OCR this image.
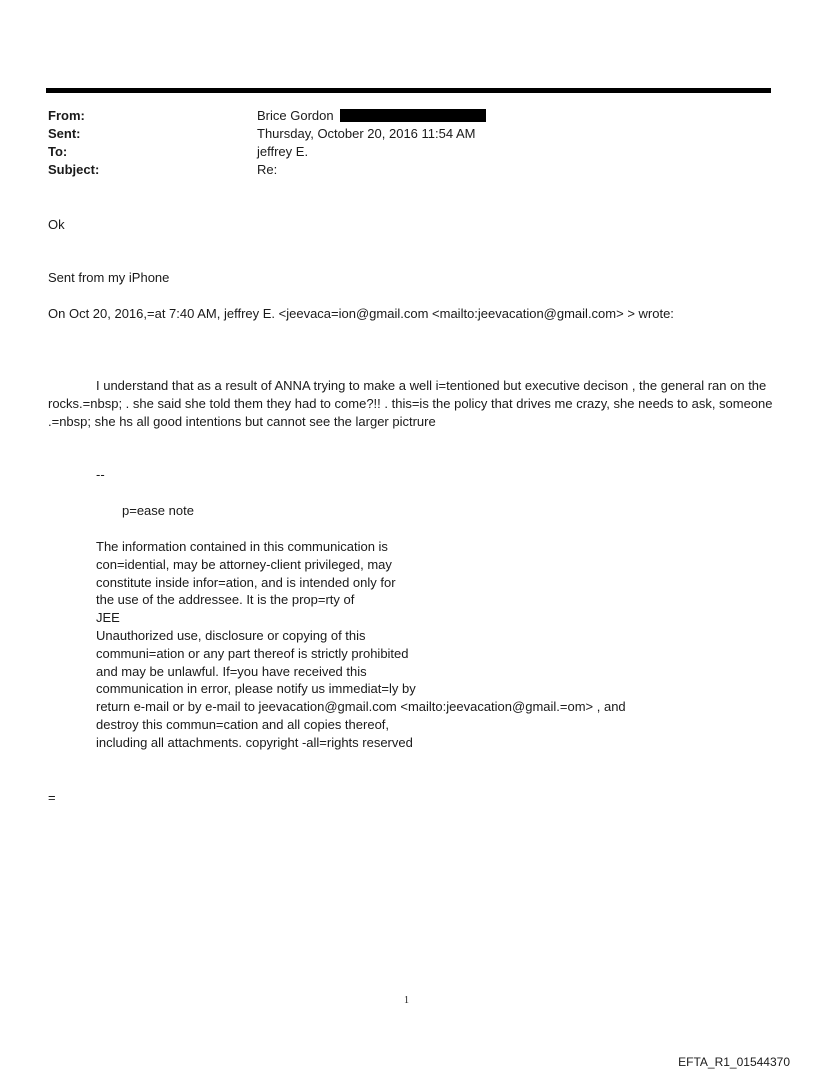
From:	Brice Gordon
Sent:	Thursday, October 20, 2016 11:54 AM
To:	jeffrey E.
Subject:	Re:
Ok
Sent from my iPhone
On Oct 20, 2016,=at 7:40 AM, jeffrey E. <jeevaca=ion@gmail.com <mailto:jeevacation@gmail.com> > wrote:
I understand that as a result of ANNA trying to make a well i=tentioned but executive decison , the general ran on the rocks.=nbsp; . she said she told them they had to come?!! . this=is the policy that drives me crazy, she needs to ask, someone .=nbsp; she hs all good intentions but cannot see the larger pictrure
--
p=ease note
The information contained in this communication is
con=idential, may be attorney-client privileged, may
constitute inside infor=ation, and is intended only for
the use of the addressee. It is the prop=rty of
JEE
Unauthorized use, disclosure or copying of this
communi=ation or any part thereof is strictly prohibited
and may be unlawful. If=you have received this
communication in error, please notify us immediat=ly by
return e-mail or by e-mail to jeevacation@gmail.com <mailto:jeevacation@gmail.=om> , and
destroy this commun=cation and all copies thereof,
including all attachments. copyright -all=rights reserved
=
1
EFTA_R1_01544370
